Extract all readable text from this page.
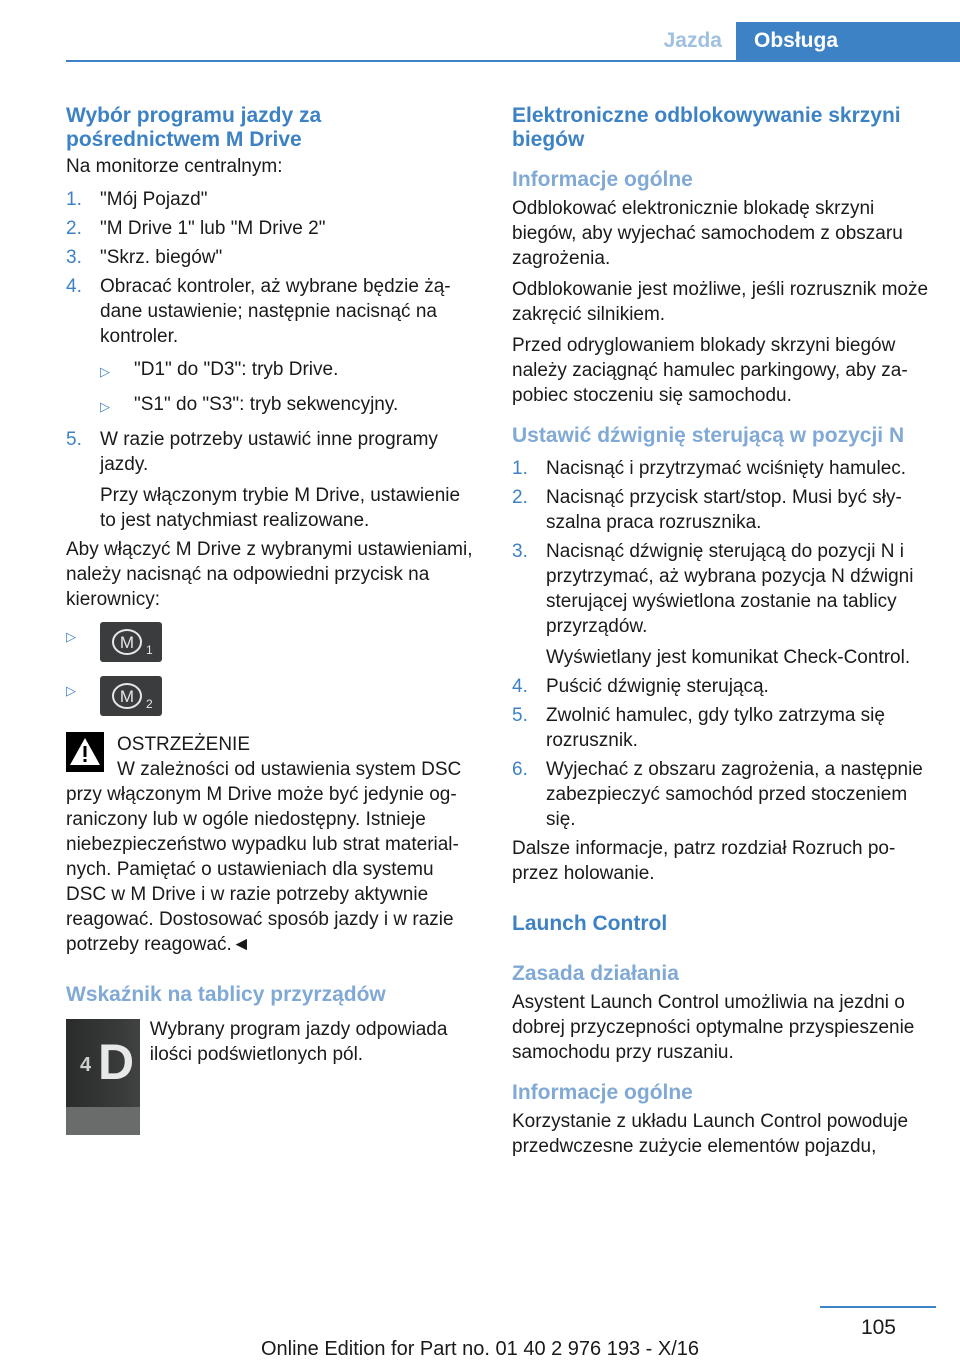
Jazda	Obsługa
Wybór programu jazdy za pośrednictwem M Drive

Na monitorze centralnym:

1. "Mój Pojazd"
2. "M Drive 1" lub "M Drive 2"
3. "Skrz. biegów"
4. Obracać kontroler, aż wybrane będzie żądane ustawienie; następnie nacisnąć na kontroler.
▷	"D1" do "D3": tryb Drive.
▷	"S1" do "S3": tryb sekwencyjny.
5. W razie potrzeby ustawić inne programy jazdy.

Przy włączonym trybie M Drive, ustawienie to jest natychmiast realizowane.

Aby włączyć M Drive z wybranymi ustawieniami, należy nacisnąć na odpowiedni przycisk na kierownicy:

▷	M 1
▷	M 2

OSTRZEŻENIE

W zależności od ustawienia system DSC przy włączonym M Drive może być jedynie ograniczony lub w ogóle niedostępny. Istnieje niebezpieczeństwo wypadku lub strat materialnych. Pamiętać o ustawieniach dla systemu DSC w M Drive i w razie potrzeby aktywnie reagować. Dostosować sposób jazdy i w razie potrzeby reagować.◄

Wskaźnik na tablicy przyrządów
4 D

Wybrany program jazdy odpowiada ilości podświetlonych pól.

Elektroniczne odblokowywanie skrzyni biegów
Informacje ogólne

Odblokować elektronicznie blokadę skrzyni biegów, aby wyjechać samochodem z obszaru zagrożenia.

Odblokowanie jest możliwe, jeśli rozrusznik może zakręcić silnikiem.

Przed odryglowaniem blokady skrzyni biegów należy zaciągnąć hamulec parkingowy, aby zapobiec stoczeniu się samochodu.

Ustawić dźwignię sterującą w pozycji N
1. Nacisnąć i przytrzymać wciśnięty hamulec.
2. Nacisnąć przycisk start/stop. Musi być słyszalna praca rozrusznika.
3. Nacisnąć dźwignię sterującą do pozycji N i przytrzymać, aż wybrana pozycja N dźwigni sterującej wyświetlona zostanie na tablicy przyrządów.

Wyświetlany jest komunikat Check-Control.

4. Puścić dźwignię sterującą.
5. Zwolnić hamulec, gdy tylko zatrzyma się rozrusznik.
6. Wyjechać z obszaru zagrożenia, a następnie zabezpieczyć samochód przed stoczeniem się.

Dalsze informacje, patrz rozdział Rozruch poprzez holowanie.

Launch Control
Zasada działania

Asystent Launch Control umożliwia na jezdni o dobrej przyczepności optymalne przyspieszenie samochodu przy ruszaniu.

Informacje ogólne

Korzystanie z układu Launch Control powoduje przedwczesne zużycie elementów pojazdu,

105
Online Edition for Part no. 01 40 2 976 193 - X/16
